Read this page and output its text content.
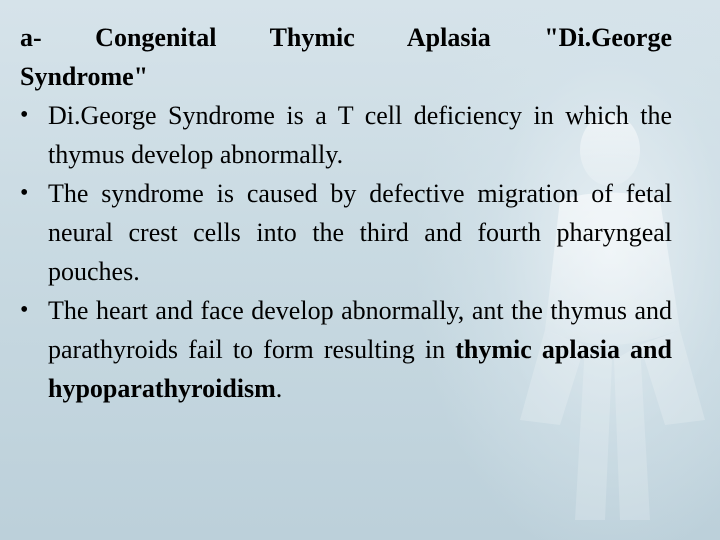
a- Congenital Thymic Aplasia "Di.George
Syndrome"
• Di.George Syndrome is a T cell deficiency in which the thymus develop abnormally.
• The syndrome is caused by defective migration of fetal neural crest cells into the third and fourth pharyngeal pouches.
• The heart and face develop abnormally, ant the thymus and parathyroids fail to form resulting in thymic aplasia and hypoparathyroidism.
